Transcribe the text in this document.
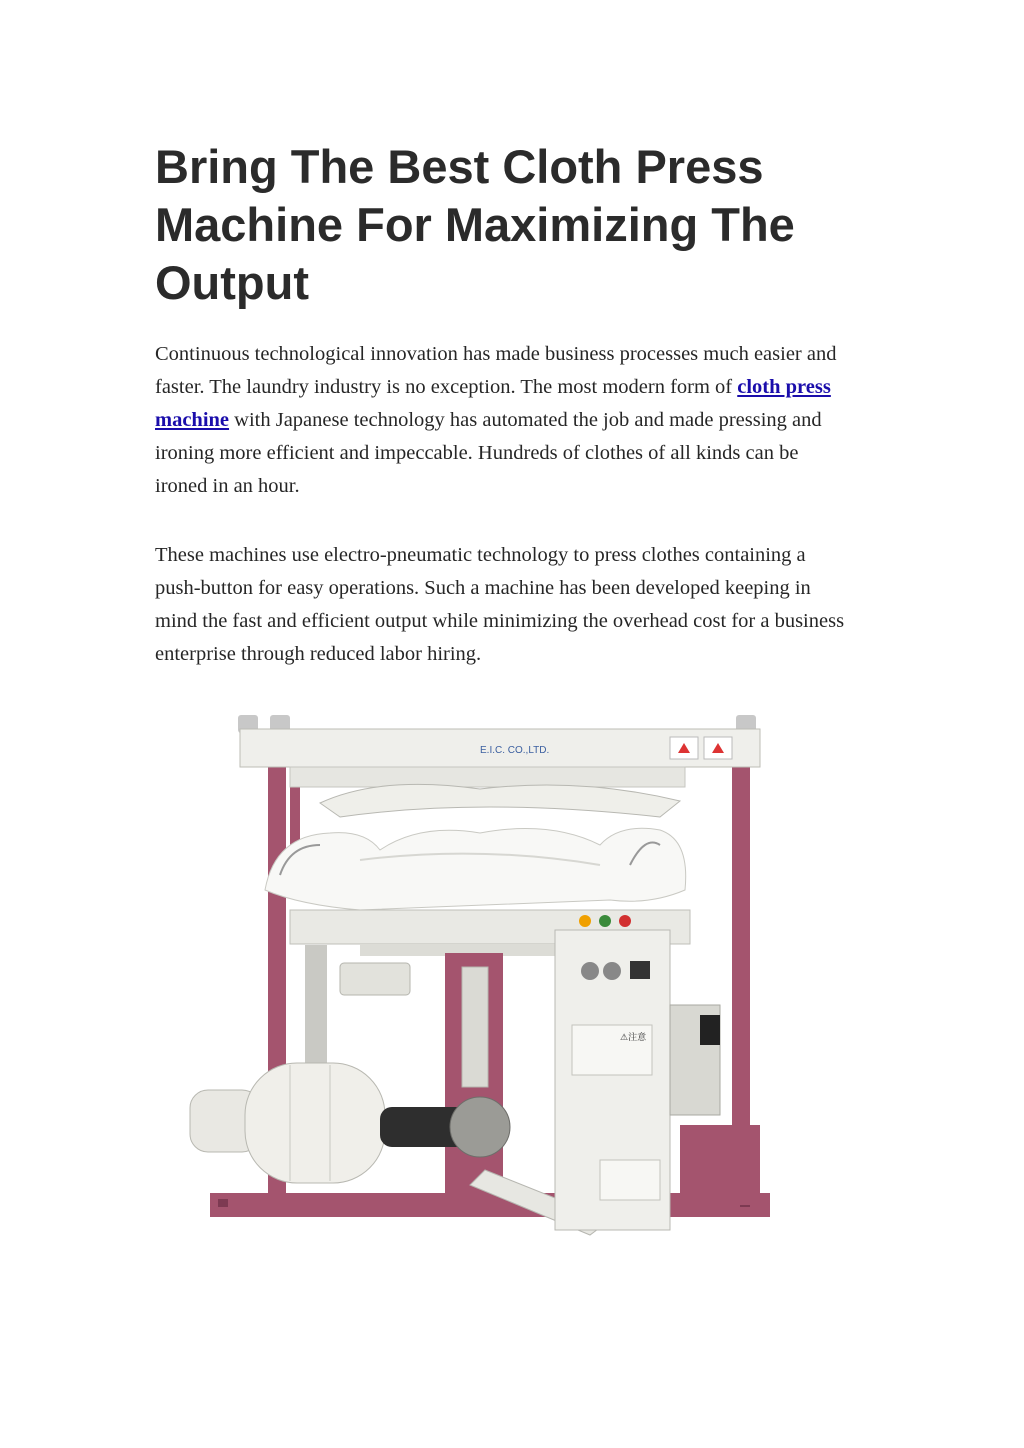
Bring The Best Cloth Press Machine For Maximizing The Output

Continuous technological innovation has made business processes much easier and faster. The laundry industry is no exception. The most modern form of cloth press machine with Japanese technology has automated the job and made pressing and ironing more efficient and impeccable. Hundreds of clothes of all kinds can be ironed in an hour.

These machines use electro-pneumatic technology to press clothes containing a push-button for easy operations. Such a machine has been developed keeping in mind the fast and efficient output while minimizing the overhead cost for a business enterprise through reduced labor hiring.

E.I.C. CO.,LTD.
⚠注意
